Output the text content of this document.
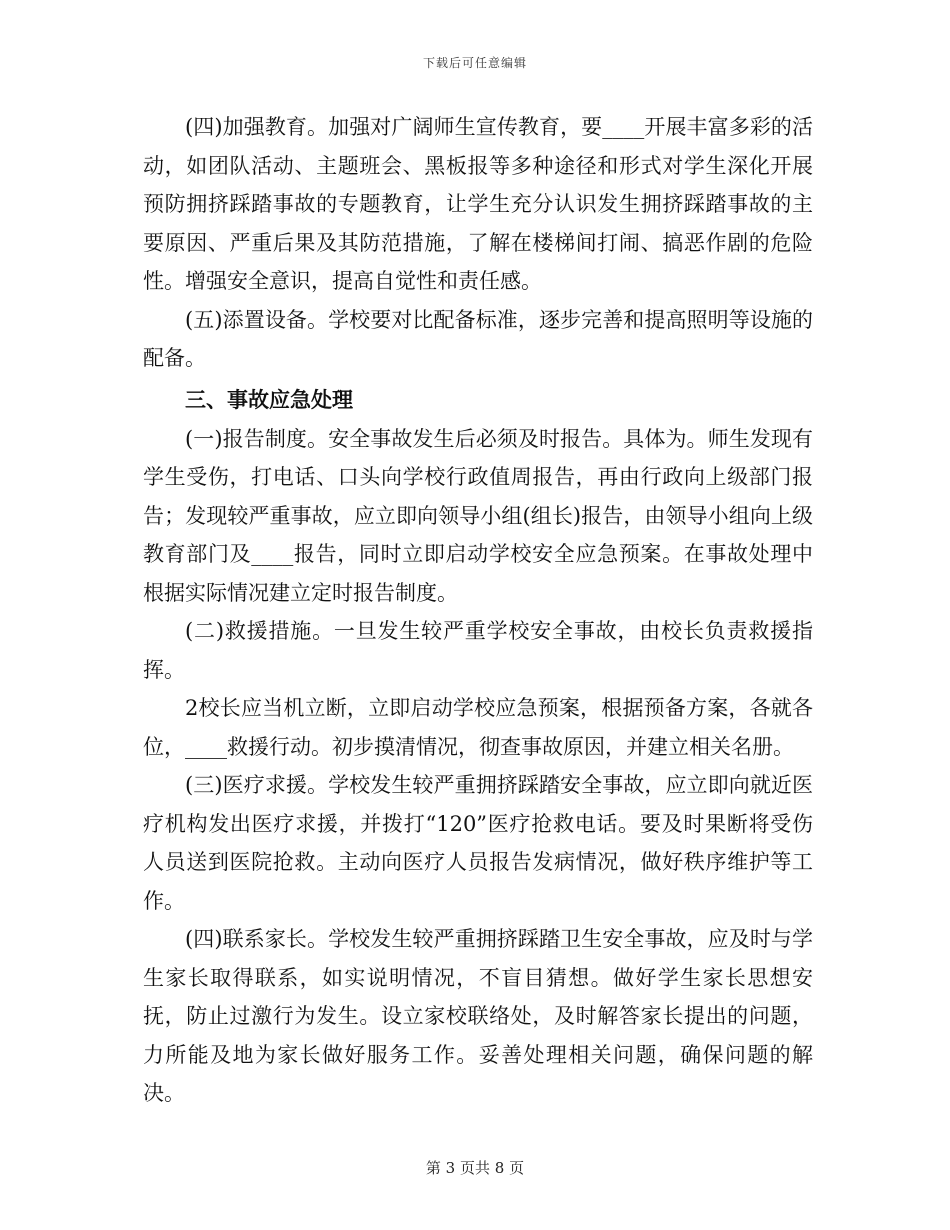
下载后可任意编辑

(四)加强教育。加强对广阔师生宣传教育，要____开展丰富多彩的活动，如团队活动、主题班会、黑板报等多种途径和形式对学生深化开展预防拥挤踩踏事故的专题教育，让学生充分认识发生拥挤踩踏事故的主要原因、严重后果及其防范措施，了解在楼梯间打闹、搞恶作剧的危险性。增强安全意识，提高自觉性和责任感。

(五)添置设备。学校要对比配备标准，逐步完善和提高照明等设施的配备。

三、事故应急处理

(一)报告制度。安全事故发生后必须及时报告。具体为。师生发现有学生受伤，打电话、口头向学校行政值周报告，再由行政向上级部门报告；发现较严重事故，应立即向领导小组(组长)报告，由领导小组向上级教育部门及____报告，同时立即启动学校安全应急预案。在事故处理中根据实际情况建立定时报告制度。

(二)救援措施。一旦发生较严重学校安全事故，由校长负责救援指挥。

2校长应当机立断，立即启动学校应急预案，根据预备方案，各就各位，____救援行动。初步摸清情况，彻查事故原因，并建立相关名册。

(三)医疗求援。学校发生较严重拥挤踩踏安全事故，应立即向就近医疗机构发出医疗求援，并拨打“120”医疗抢救电话。要及时果断将受伤人员送到医院抢救。主动向医疗人员报告发病情况，做好秩序维护等工作。

(四)联系家长。学校发生较严重拥挤踩踏卫生安全事故，应及时与学生家长取得联系，如实说明情况，不盲目猜想。做好学生家长思想安抚，防止过激行为发生。设立家校联络处，及时解答家长提出的问题，力所能及地为家长做好服务工作。妥善处理相关问题，确保问题的解决。

第 3 页共 8 页
